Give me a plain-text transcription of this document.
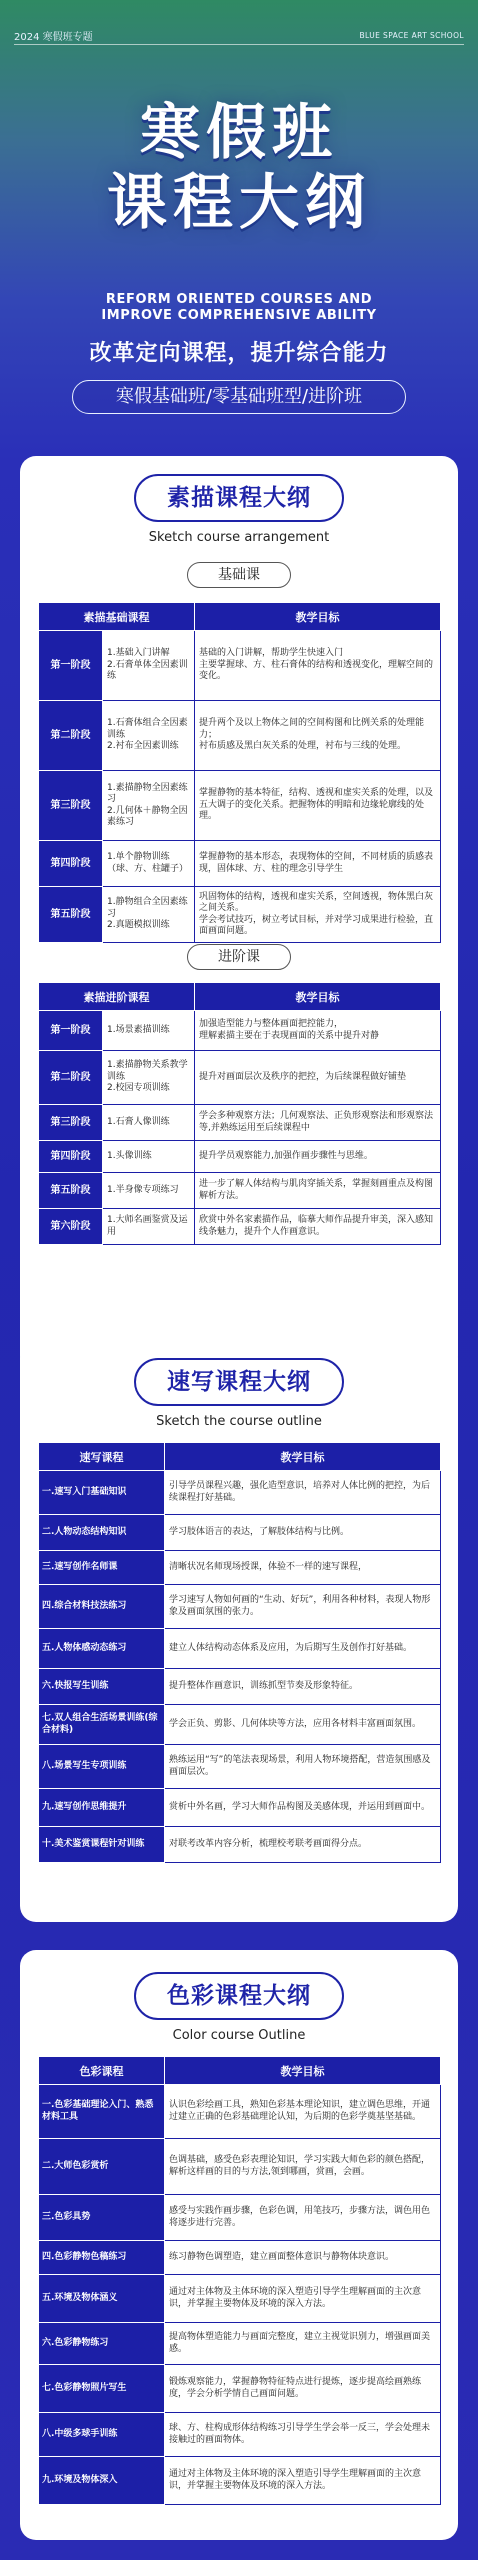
2024 寒假班专题	BLUE SPACE ART SCHOOL
寒假班
课程大纲
REFORM ORIENTED COURSES AND
IMPROVE COMPREHENSIVE ABILITY
改革定向课程，提升综合能力
寒假基础班/零基础班型/进阶班
素描课程大纲
Sketch course arrangement
基础课
素描基础课程		教学目标
第一阶段	1.基础入门讲解
2.石膏单体全因素训练	基础的入门讲解，帮助学生快速入门
主要掌握球、方、柱石膏体的结构和透视变化，理解空间的变化。
第二阶段	1.石膏体组合全因素训练
2.衬布全因素训练	提升两个及以上物体之间的空间构图和比例关系的处理能力；
衬布质感及黑白灰关系的处理，衬布与三线的处理。
第三阶段	1.素描静物全因素练习
2.几何体＋静物全因素练习	掌握静物的基本特征，结构、透视和虚实关系的处理，以及五大调子的变化关系。把握物体的明暗和边缘轮廓线的处理。
第四阶段	1.单个静物训练（球、方、柱罐子）	掌握静物的基本形态，表现物体的空间，不同材质的质感表现，固体球、方、柱的理念引导学生
第五阶段	1.静物组合全因素练习
2.真题模拟训练	巩固物体的结构，透视和虚实关系，空间透视，物体黑白灰之间关系。
学会考试技巧，树立考试目标，并对学习成果进行检验，直面画面问题。
进阶课
素描进阶课程		教学目标
第一阶段	1.场景素描训练	加强造型能力与整体画面把控能力，
理解素描主要在于表现画面的关系中提升对静
第二阶段	1.素描静物关系教学训练
2.校园专项训练	提升对画面层次及秩序的把控，为后续课程做好铺垫
第三阶段	1.石膏人像训练	学会多种观察方法；几何观察法、正负形观察法和形观察法等,并熟练运用至后续课程中
第四阶段	1.头像训练	提升学员观察能力,加强作画步骤性与思维。
第五阶段	1.半身像专项练习	进一步了解人体结构与肌肉穿插关系，掌握刻画重点及构图解析方法。
第六阶段	1.大师名画鉴赏及运用	欣赏中外名家素描作品，临摹大师作品提升审美，深入感知线条魅力，提升个人作画意识。
速写课程大纲
Sketch the course outline
速写课程	教学目标
一.速写入门基础知识	引导学员课程兴趣，强化造型意识，培养对人体比例的把控，为后续课程打好基础。
二.人物动态结构知识	学习肢体语言的表达，了解肢体结构与比例。
三.速写创作名师课	清晰状况名师现场授课，体验不一样的速写课程，
四.综合材料技法练习	学习速写人物如何画的“生动、好玩”，利用各种材料，表现人物形象及画面氛围的张力。
五.人物体感动态练习	建立人体结构动态体系及应用，为后期写生及创作打好基础。
六.快报写生训练	提升整体作画意识，训练抓型节奏及形象特征。
七.双人组合生活场景训练(综合材料)	学会正负、剪影、几何体块等方法，应用各材料丰富画面氛围。
八.场景写生专项训练	熟练运用“写”的笔法表现场景，利用人物环境搭配，营造氛围感及画面层次。
九.速写创作思维提升	赏析中外名画，学习大师作品构图及美感体现，并运用到画面中。
十.美术鉴赏课程针对训练	对联考改革内容分析，梳理校考联考画面得分点。
色彩课程大纲
Color course Outline
色彩课程	教学目标
一.色彩基础理论入门、熟悉材料工具	认识色彩绘画工具，熟知色彩基本理论知识，建立调色思维，开通过建立正确的色彩基础理论认知，为后期的色彩学奠基坚基础。
二.大师色彩赏析	色调基础，感受色彩表理论知识，学习实践大师色彩的颜色搭配，解析这样画的目的与方法,领到哪画，赏画，会画。
三.色彩具势	感受与实践作画步骤，色彩色调，用笔技巧，步骤方法，调色用色将逐步进行完善。
四.色彩静物色稿练习	练习静物色调塑造，建立画面整体意识与静物体块意识。
五.环境及物体涵义	通过对主体物及主体环境的深入塑造引导学生理解画面的主次意识，并掌握主要物体及环境的深入方法。
六.色彩静物练习	提高物体塑造能力与画面完整度，建立主视觉识别力，增强画面美感。
七.色彩静物照片写生	锻炼观察能力，掌握静物特征特点进行提炼，逐步提高绘画熟练度，学会分析学情自己画面问题。
八.中级多球手训练	球、方、柱构成形体结构练习引导学生学会举一反三，学会处理未接触过的画面物体。
九.环境及物体深入	通过对主体物及主体环境的深入塑造引导学生理解画面的主次意识，并掌握主要物体及环境的深入方法。
